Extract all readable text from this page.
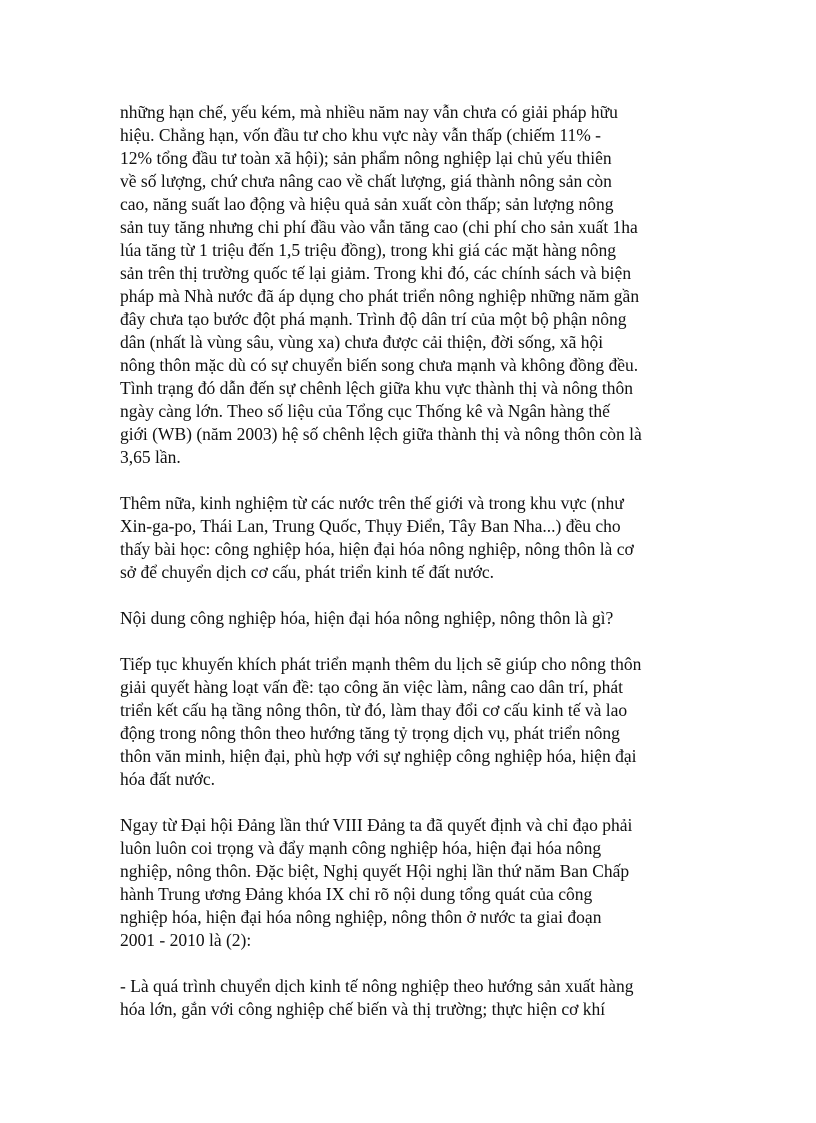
những hạn chế, yếu kém, mà nhiều năm nay vẫn chưa có giải pháp hữu
hiệu. Chẳng hạn, vốn đầu tư cho khu vực này vẫn thấp (chiếm 11% -
12% tổng đầu tư toàn xã hội); sản phẩm nông nghiệp lại chủ yếu thiên
về số lượng, chứ chưa nâng cao về chất lượng, giá thành nông sản còn
cao, năng suất lao động và hiệu quả sản xuất còn thấp; sản lượng nông
sản tuy tăng nhưng chi phí đầu vào vẫn tăng cao (chi phí cho sản xuất 1ha
lúa tăng từ 1 triệu đến 1,5 triệu đồng), trong khi giá các mặt hàng nông
sản trên thị trường quốc tế lại giảm. Trong khi đó, các chính sách và biện
pháp mà Nhà nước đã áp dụng cho phát triển nông nghiệp những năm gần
đây chưa tạo bước đột phá mạnh. Trình độ dân trí của một bộ phận nông
dân (nhất là vùng sâu, vùng xa) chưa được cải thiện, đời sống, xã hội
nông thôn mặc dù có sự chuyển biến song chưa mạnh và không đồng đều.
Tình trạng đó dẫn đến sự chênh lệch giữa khu vực thành thị và nông thôn
ngày càng lớn. Theo số liệu của Tổng cục Thống kê và Ngân hàng thế
giới (WB) (năm 2003) hệ số chênh lệch giữa thành thị và nông thôn còn là
3,65 lần.

Thêm nữa, kinh nghiệm từ các nước trên thế giới và trong khu vực (như
Xin-ga-po, Thái Lan, Trung Quốc, Thụy Điển, Tây Ban Nha...) đều cho
thấy bài học: công nghiệp hóa, hiện đại hóa nông nghiệp, nông thôn là cơ
sở để chuyển dịch cơ cấu, phát triển kinh tế đất nước.

Nội dung công nghiệp hóa, hiện đại hóa nông nghiệp, nông thôn là gì?

Tiếp tục khuyến khích phát triển mạnh thêm du lịch sẽ giúp cho nông thôn
giải quyết hàng loạt vấn đề: tạo công ăn việc làm, nâng cao dân trí, phát
triển kết cấu hạ tầng nông thôn, từ đó, làm thay đổi cơ cấu kinh tế và lao
động trong nông thôn theo hướng tăng tỷ trọng dịch vụ, phát triển nông
thôn văn minh, hiện đại, phù hợp với sự nghiệp công nghiệp hóa, hiện đại
hóa đất nước.

Ngay từ Đại hội Đảng lần thứ VIII Đảng ta đã quyết định và chỉ đạo phải
luôn luôn coi trọng và đẩy mạnh công nghiệp hóa, hiện đại hóa nông
nghiệp, nông thôn. Đặc biệt, Nghị quyết Hội nghị lần thứ năm Ban Chấp
hành Trung ương Đảng khóa IX chỉ rõ nội dung tổng quát của công
nghiệp hóa, hiện đại hóa nông nghiệp, nông thôn ở nước ta giai đoạn
2001 - 2010 là (2):

- Là quá trình chuyển dịch kinh tế nông nghiệp theo hướng sản xuất hàng
hóa lớn, gắn với công nghiệp chế biến và thị trường; thực hiện cơ khí
